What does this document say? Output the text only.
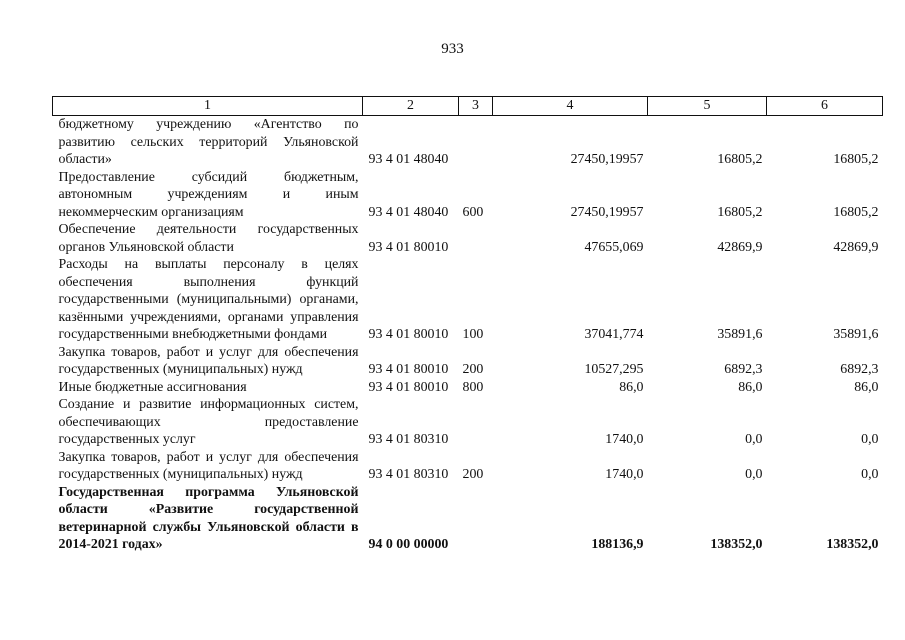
933
1	2	3	4	5	6
бюджетному учреждению «Агентство по развитию сельских территорий Ульяновской области»	93 4 01 48040		27450,19957	16805,2	16805,2
Предоставление субсидий бюджетным, автономным учреждениям и иным некоммерческим организациям	93 4 01 48040	600	27450,19957	16805,2	16805,2
Обеспечение деятельности государственных органов Ульяновской области	93 4 01 80010		47655,069	42869,9	42869,9
Расходы на выплаты персоналу в целях обеспечения выполнения функций государственными (муниципальными) органами, казёнными учреждениями, органами управления государственными внебюджетными фондами	93 4 01 80010	100	37041,774	35891,6	35891,6
Закупка товаров, работ и услуг для обеспечения государственных (муниципальных) нужд	93 4 01 80010	200	10527,295	6892,3	6892,3
Иные бюджетные ассигнования	93 4 01 80010	800	86,0	86,0	86,0
Создание и развитие информационных систем, обеспечивающих предоставление государственных услуг	93 4 01 80310		1740,0	0,0	0,0
Закупка товаров, работ и услуг для обеспечения государственных (муниципальных) нужд	93 4 01 80310	200	1740,0	0,0	0,0
Государственная программа Ульяновской области «Развитие государственной ветеринарной службы Ульяновской области в 2014-2021 годах»	94 0 00 00000		188136,9	138352,0	138352,0
